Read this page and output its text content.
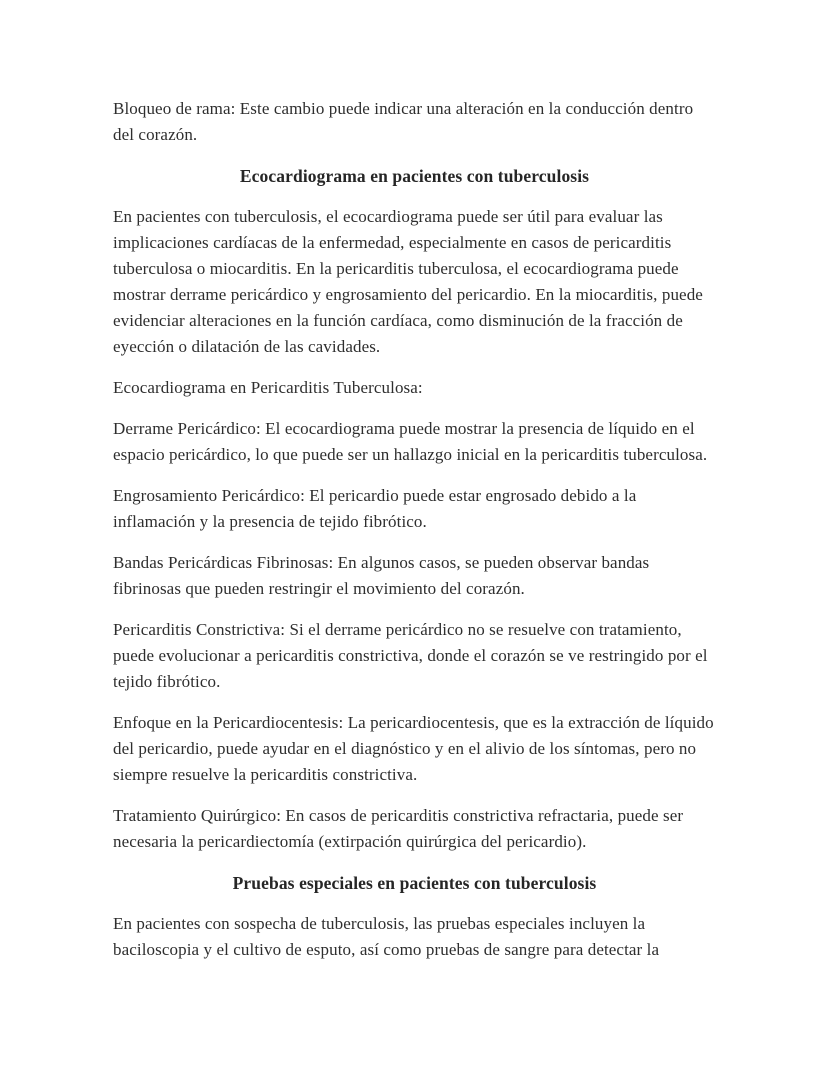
Bloqueo de rama: Este cambio puede indicar una alteración en la conducción dentro del corazón.

Ecocardiograma en pacientes con tuberculosis

En pacientes con tuberculosis, el ecocardiograma puede ser útil para evaluar las implicaciones cardíacas de la enfermedad, especialmente en casos de pericarditis tuberculosa o miocarditis. En la pericarditis tuberculosa, el ecocardiograma puede mostrar derrame pericárdico y engrosamiento del pericardio. En la miocarditis, puede evidenciar alteraciones en la función cardíaca, como disminución de la fracción de eyección o dilatación de las cavidades.

Ecocardiograma en Pericarditis Tuberculosa:

Derrame Pericárdico: El ecocardiograma puede mostrar la presencia de líquido en el espacio pericárdico, lo que puede ser un hallazgo inicial en la pericarditis tuberculosa.

Engrosamiento Pericárdico: El pericardio puede estar engrosado debido a la inflamación y la presencia de tejido fibrótico.

Bandas Pericárdicas Fibrinosas: En algunos casos, se pueden observar bandas fibrinosas que pueden restringir el movimiento del corazón.

Pericarditis Constrictiva: Si el derrame pericárdico no se resuelve con tratamiento, puede evolucionar a pericarditis constrictiva, donde el corazón se ve restringido por el tejido fibrótico.

Enfoque en la Pericardiocentesis: La pericardiocentesis, que es la extracción de líquido del pericardio, puede ayudar en el diagnóstico y en el alivio de los síntomas, pero no siempre resuelve la pericarditis constrictiva.

Tratamiento Quirúrgico: En casos de pericarditis constrictiva refractaria, puede ser necesaria la pericardiectomía (extirpación quirúrgica del pericardio).

Pruebas especiales en pacientes con tuberculosis

En pacientes con sospecha de tuberculosis, las pruebas especiales incluyen la baciloscopia y el cultivo de esputo, así como pruebas de sangre para detectar la
